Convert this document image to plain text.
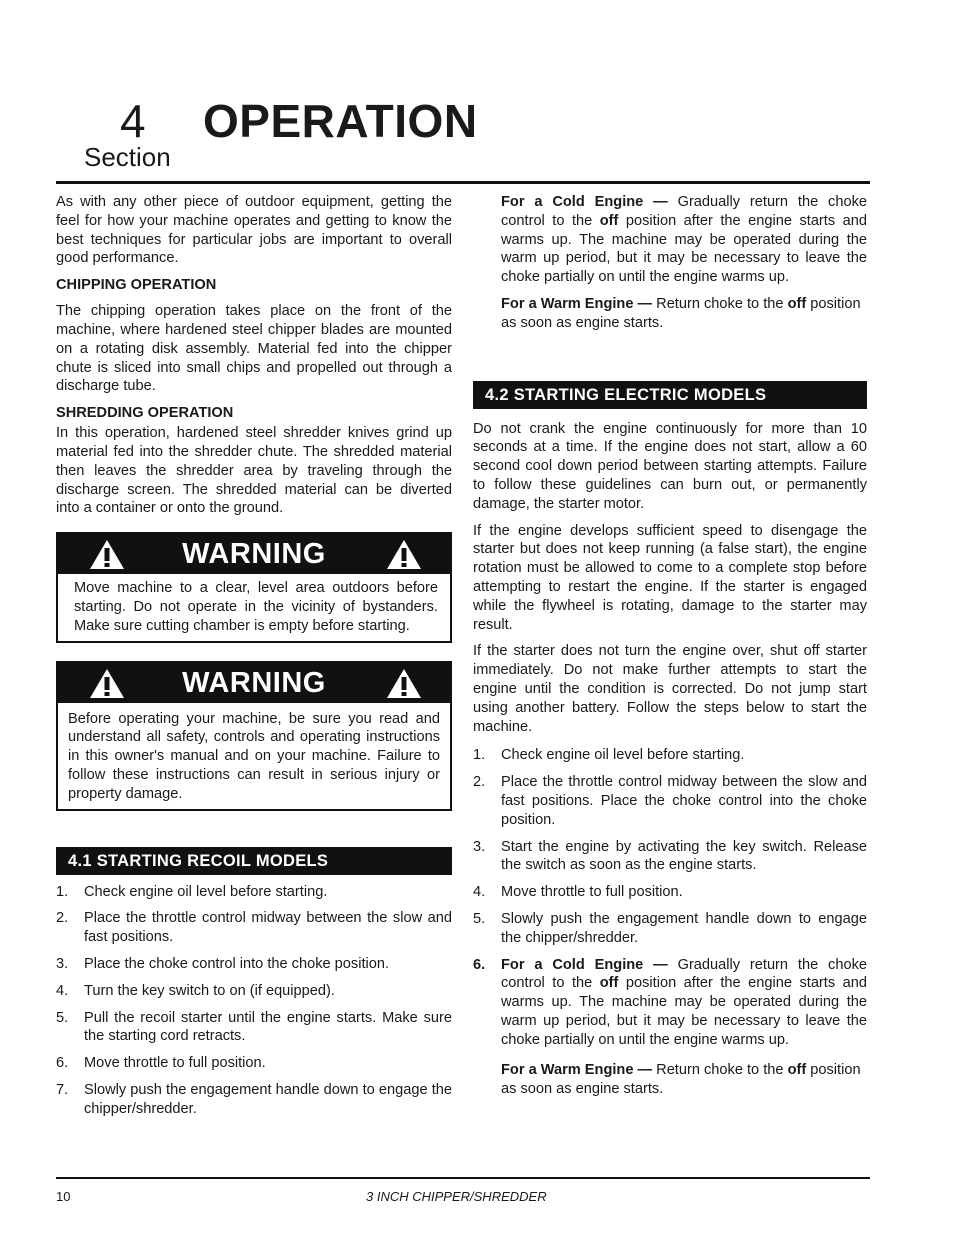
4 OPERATION
Section

As with any other piece of outdoor equipment, getting the feel for how your machine operates and getting to know the best techniques for particular jobs are important to overall good performance.

CHIPPING OPERATION

The chipping operation takes place on the front of the machine, where hardened steel chipper blades are mounted on a rotating disk assembly. Material fed into the chipper chute is sliced into small chips and propelled out through a discharge tube.

SHREDDING OPERATION

In this operation, hardened steel shredder knives grind up material fed into the shredder chute. The shredded material then leaves the shredder area by traveling through the discharge screen. The shredded material can be diverted into a container or onto the ground.

WARNING
Move machine to a clear, level area outdoors before starting. Do not operate in the vicinity of bystanders. Make sure cutting chamber is empty before starting.
WARNING
Before operating your machine, be sure you read and understand all safety, controls and operating instructions in this owner's manual and on your machine. Failure to follow these instructions can result in serious injury or property damage.
4.1 STARTING RECOIL MODELS
1. Check engine oil level before starting.
2. Place the throttle control midway between the slow and fast positions.
3. Place the choke control into the choke position.
4. Turn the key switch to on (if equipped).
5. Pull the recoil starter until the engine starts. Make sure the starting cord retracts.
6. Move throttle to full position.
7. Slowly push the engagement handle down to engage the chipper/shredder.

For a Cold Engine — Gradually return the choke control to the off position after the engine starts and warms up. The machine may be operated during the warm up period, but it may be necessary to leave the choke partially on until the engine warms up.

For a Warm Engine — Return choke to the off position as soon as engine starts.

4.2 STARTING ELECTRIC MODELS

Do not crank the engine continuously for more than 10 seconds at a time. If the engine does not start, allow a 60 second cool down period between starting attempts. Failure to follow these guidelines can burn out, or permanently damage, the starter motor.

If the engine develops sufficient speed to disengage the starter but does not keep running (a false start), the engine rotation must be allowed to come to a complete stop before attempting to restart the engine. If the starter is engaged while the flywheel is rotating, damage to the starter may result.

If the starter does not turn the engine over, shut off starter immediately. Do not make further attempts to start the engine until the condition is corrected. Do not jump start using another battery. Follow the steps below to start the machine.

1. Check engine oil level before starting.
2. Place the throttle control midway between the slow and fast positions. Place the choke control into the choke position.
3. Start the engine by activating the key switch. Release the switch as soon as the engine starts.
4. Move throttle to full position.
5. Slowly push the engagement handle down to engage the chipper/shredder.
6. For a Cold Engine — Gradually return the choke control to the off position after the engine starts and warms up. The machine may be operated during the warm up period, but it may be necessary to leave the choke partially on until the engine warms up.

For a Warm Engine — Return choke to the off position as soon as engine starts.

10	3 INCH CHIPPER/SHREDDER
